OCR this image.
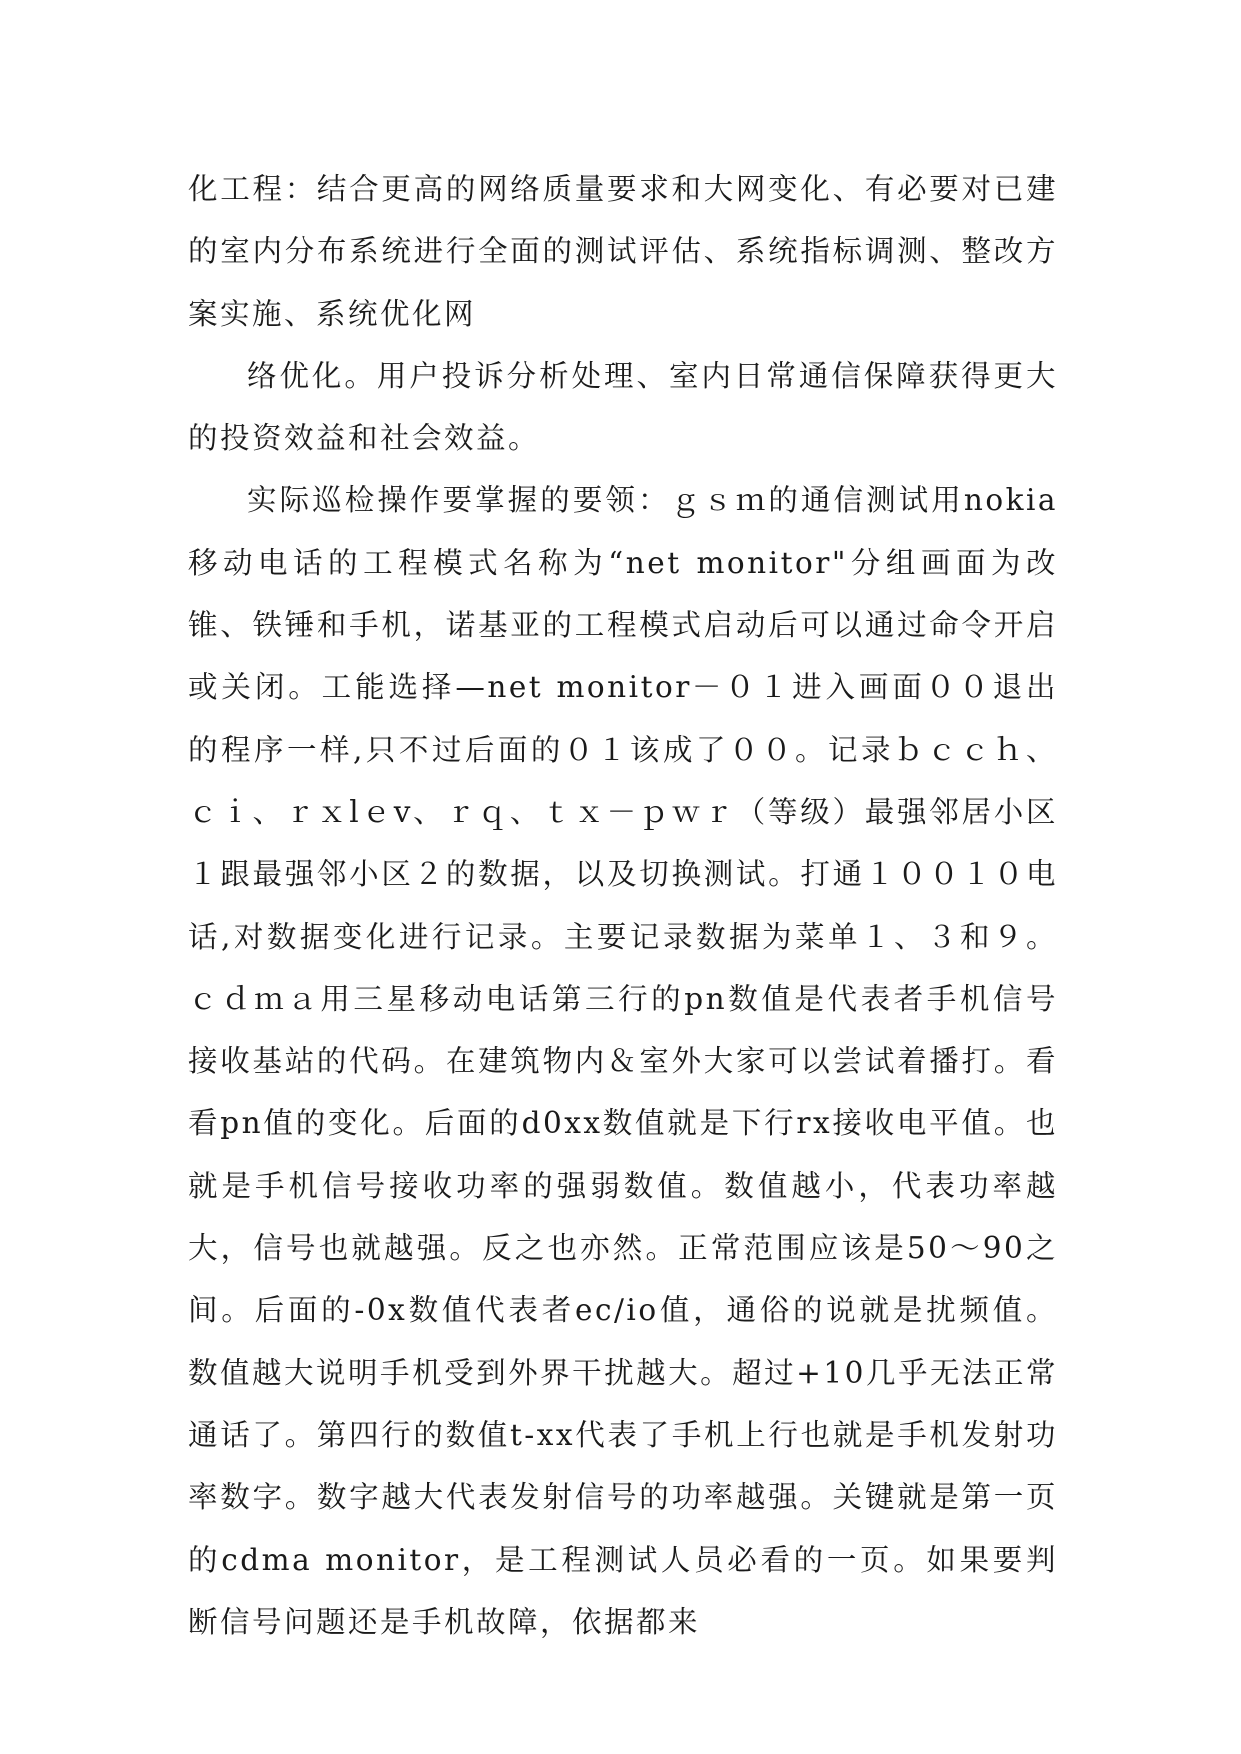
化工程：结合更高的网络质量要求和大网变化、有必要对已建的室内分布系统进行全面的测试评估、系统指标调测、整改方案实施、系统优化网

络优化。用户投诉分析处理、室内日常通信保障获得更大的投资效益和社会效益。

实际巡检操作要掌握的要领：ｇｓｍ的通信测试用nokia移动电话的工程模式名称为“net monitor"分组画面为改锥、铁锤和手机，诺基亚的工程模式启动后可以通过命令开启或关闭。工能选择—net monitor－０１进入画面００退出的程序一样,只不过后面的０１该成了００。记录ｂｃｃｈ、ｃｉ、ｒｘlｅv、ｒｑ、ｔｘ－ｐｗｒ（等级）最强邻居小区１跟最强邻小区２的数据，以及切换测试。打通１００１０电话,对数据变化进行记录。主要记录数据为菜单１、３和９。ｃｄｍａ用三星移动电话第三行的pn数值是代表者手机信号接收基站的代码。在建筑物内＆室外大家可以尝试着播打。看看pn值的变化。后面的d0xx数值就是下行rx接收电平值。也就是手机信号接收功率的强弱数值。数值越小，代表功率越大，信号也就越强。反之也亦然。正常范围应该是50～90之间。后面的-0x数值代表者ec/io值，通俗的说就是扰频值。数值越大说明手机受到外界干扰越大。超过+10几乎无法正常通话了。第四行的数值t-xx代表了手机上行也就是手机发射功率数字。数字越大代表发射信号的功率越强。关键就是第一页的cdma monitor，是工程测试人员必看的一页。如果要判断信号问题还是手机故障，依据都来
